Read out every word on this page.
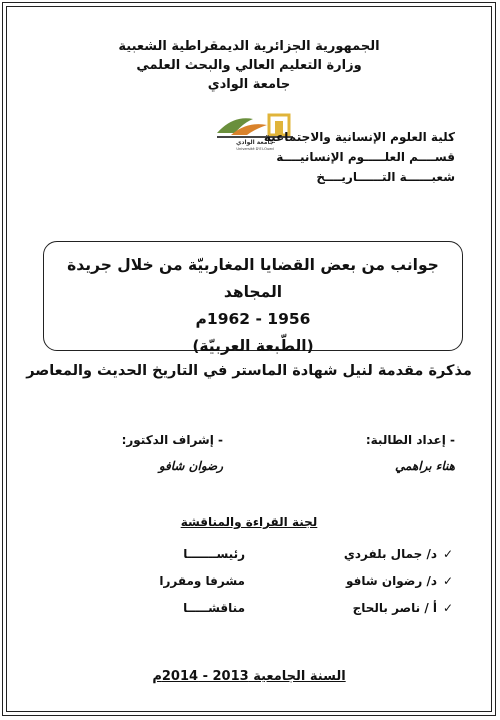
الجمهورية الجزائرية الديمقراطية الشعبية
وزارة التعليم العالي والبحث العلمي
جامعة الوادي
جامعة الوادي
Université D'El-Oued
كلية العلوم الإنسانية والاجتماعية
قســــم العلـــــوم الإنسانيــــة
شعبــــــة التــــــاريــــخ
جوانب من بعض القضايا المغاربيّة من خلال جريدة المجاهد
1956 - 1962م
(الطّبعة العربيّة)
مذكرة مقدمة لنيل شهادة الماستر في التاريخ الحديث والمعاصر
- إعداد الطالبة:
هناء براهمي
- إشراف الدكتور:
رضوان شافو
لجنة القراءة والمناقشة
✓
د/ جمال بلفردي
رئيســـــــا
✓
د/ رضوان شافو
مشرفا ومقررا
✓
أ / ناصر بالحاج
مناقشـــــا
السنة الجامعية 2013 - 2014م
